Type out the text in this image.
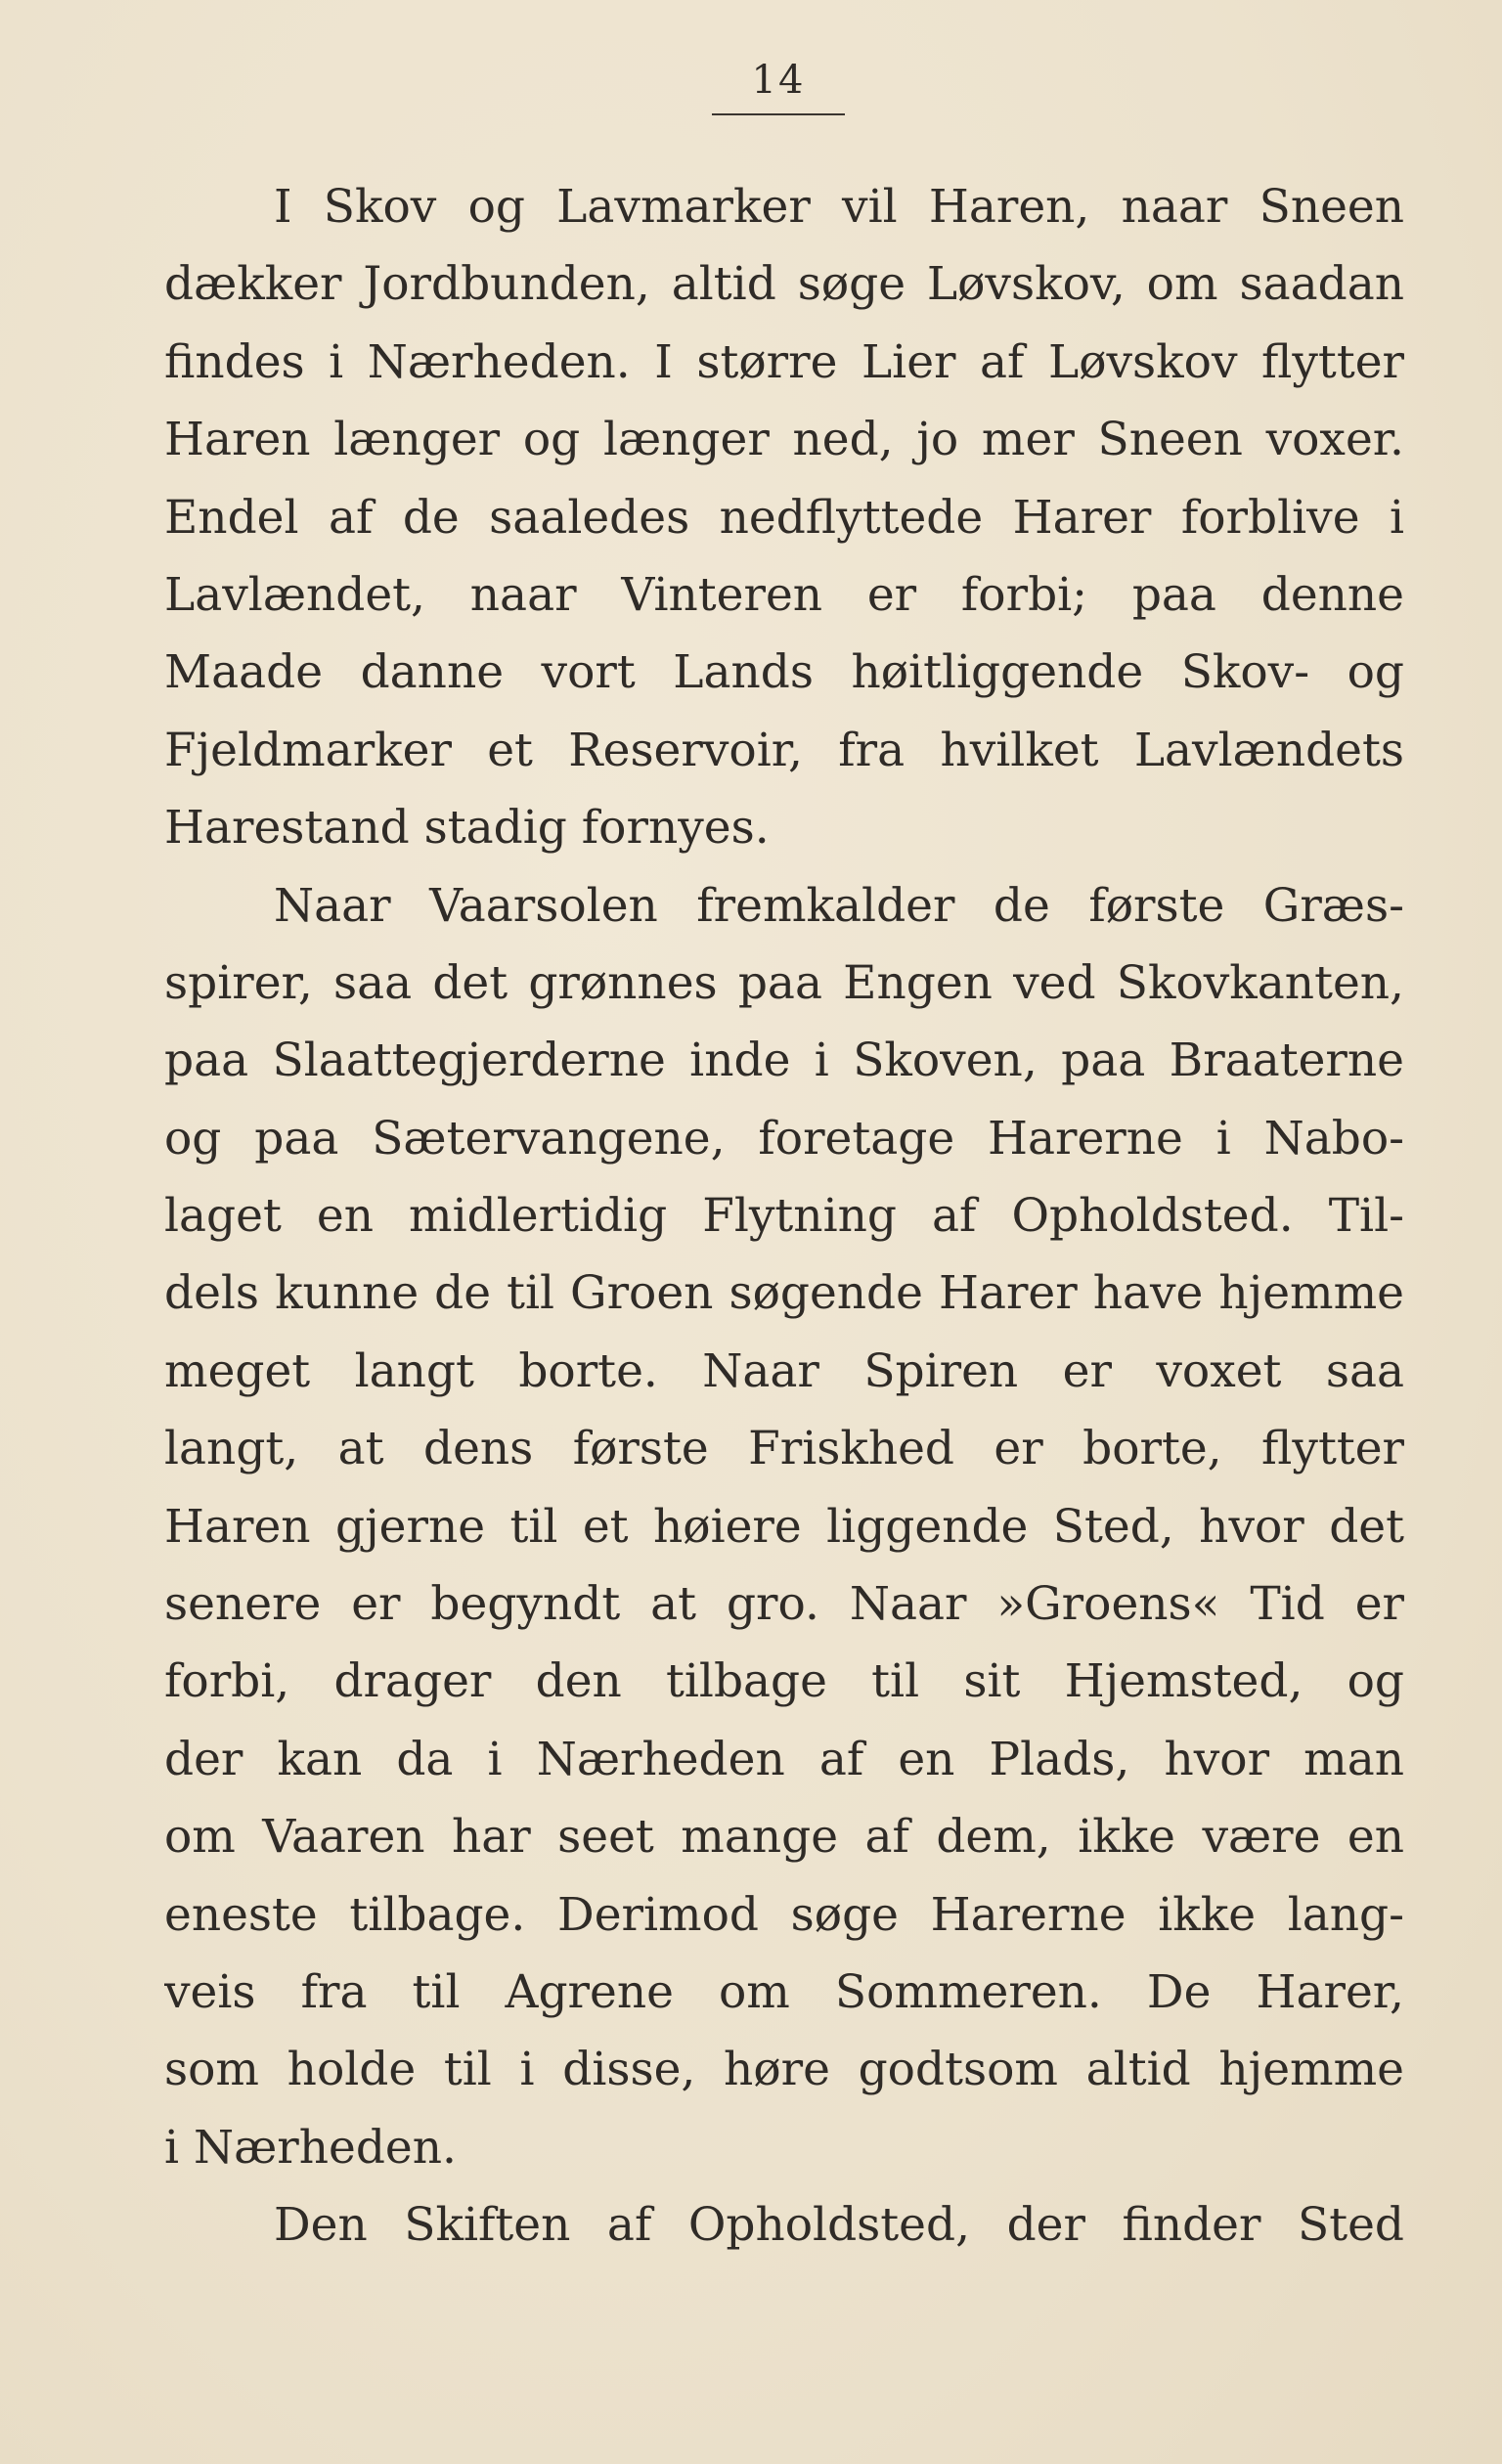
14
I Skov og Lavmarker vil Haren, naar Sneen
dækker Jordbunden, altid søge Løvskov, om saadan
findes i Nærheden. I større Lier af Løvskov flytter
Haren længer og længer ned, jo mer Sneen voxer.
Endel af de saaledes nedflyttede Harer forblive i
Lavlændet, naar Vinteren er forbi; paa denne
Maade danne vort Lands høitliggende Skov- og
Fjeldmarker et Reservoir, fra hvilket Lavlændets
Harestand stadig fornyes.
Naar Vaarsolen fremkalder de første Græs-
spirer, saa det grønnes paa Engen ved Skovkanten,
paa Slaattegjerderne inde i Skoven, paa Braaterne
og paa Sætervangene, foretage Harerne i Nabo-
laget en midlertidig Flytning af Opholdsted. Til-
dels kunne de til Groen søgende Harer have hjemme
meget langt borte. Naar Spiren er voxet saa
langt, at dens første Friskhed er borte, flytter
Haren gjerne til et høiere liggende Sted, hvor det
senere er begyndt at gro. Naar »Groens« Tid er
forbi, drager den tilbage til sit Hjemsted, og
der kan da i Nærheden af en Plads, hvor man
om Vaaren har seet mange af dem, ikke være en
eneste tilbage. Derimod søge Harerne ikke lang-
veis fra til Agrene om Sommeren. De Harer,
som holde til i disse, høre godtsom altid hjemme
i Nærheden.
Den Skiften af Opholdsted, der finder Sted
